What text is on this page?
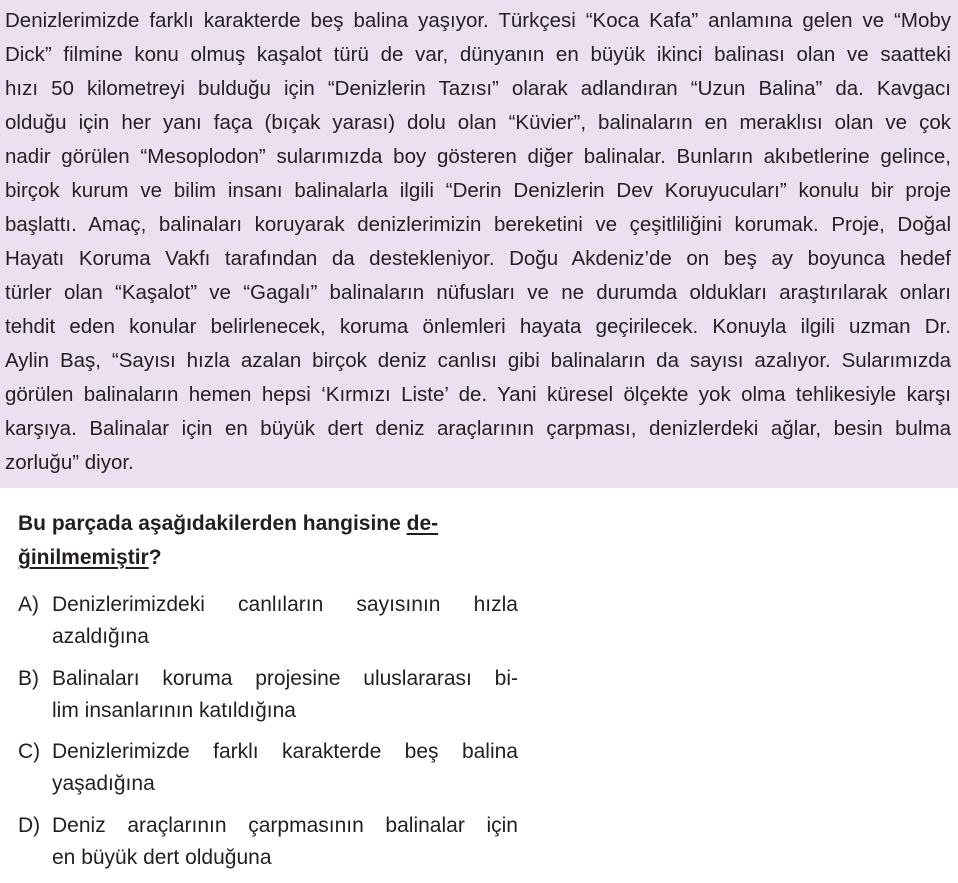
Denizlerimizde farklı karakterde beş balina yaşıyor. Türkçesi “Koca Kafa” anlamına gelen ve “Moby
Dick” filmine konu olmuş kaşalot türü de var, dünyanın en büyük ikinci balinası olan ve saatteki
hızı 50 kilometreyi bulduğu için “Denizlerin Tazısı” olarak adlandıran “Uzun Balina” da. Kavgacı
olduğu için her yanı faça (bıçak yarası) dolu olan “Küvier”, balinaların en meraklısı olan ve çok
nadir görülen “Mesoplodon” sularımızda boy gösteren diğer balinalar. Bunların akıbetlerine gelince,
birçok kurum ve bilim insanı balinalarla ilgili “Derin Denizlerin Dev Koruyucuları” konulu bir proje
başlattı. Amaç, balinaları koruyarak denizlerimizin bereketini ve çeşitliliğini korumak. Proje, Doğal
Hayatı Koruma Vakfı tarafından da destekleniyor. Doğu Akdeniz’de on beş ay boyunca hedef
türler olan “Kaşalot” ve “Gagalı” balinaların nüfusları ve ne durumda oldukları araştırılarak onları
tehdit eden konular belirlenecek, koruma önlemleri hayata geçirilecek. Konuyla ilgili uzman Dr.
Aylin Baş, “Sayısı hızla azalan birçok deniz canlısı gibi balinaların da sayısı azalıyor. Sularımızda
görülen balinaların hemen hepsi ‘Kırmızı Liste’ de. Yani küresel ölçekte yok olma tehlikesiyle karşı
karşıya. Balinalar için en büyük dert deniz araçlarının çarpması, denizlerdeki ağlar, besin bulma
zorluğu” diyor.
Bu parçada aşağıdakilerden hangisine de-
ğinilmemiştir?
A) Denizlerimizdeki canlıların sayısının hızla
azaldığına
B) Balinaları koruma projesine uluslararası bi-
lim insanlarının katıldığına
C) Denizlerimizde farklı karakterde beş balina
yaşadığına
D) Deniz araçlarının çarpmasının balinalar için
en büyük dert olduğuna
